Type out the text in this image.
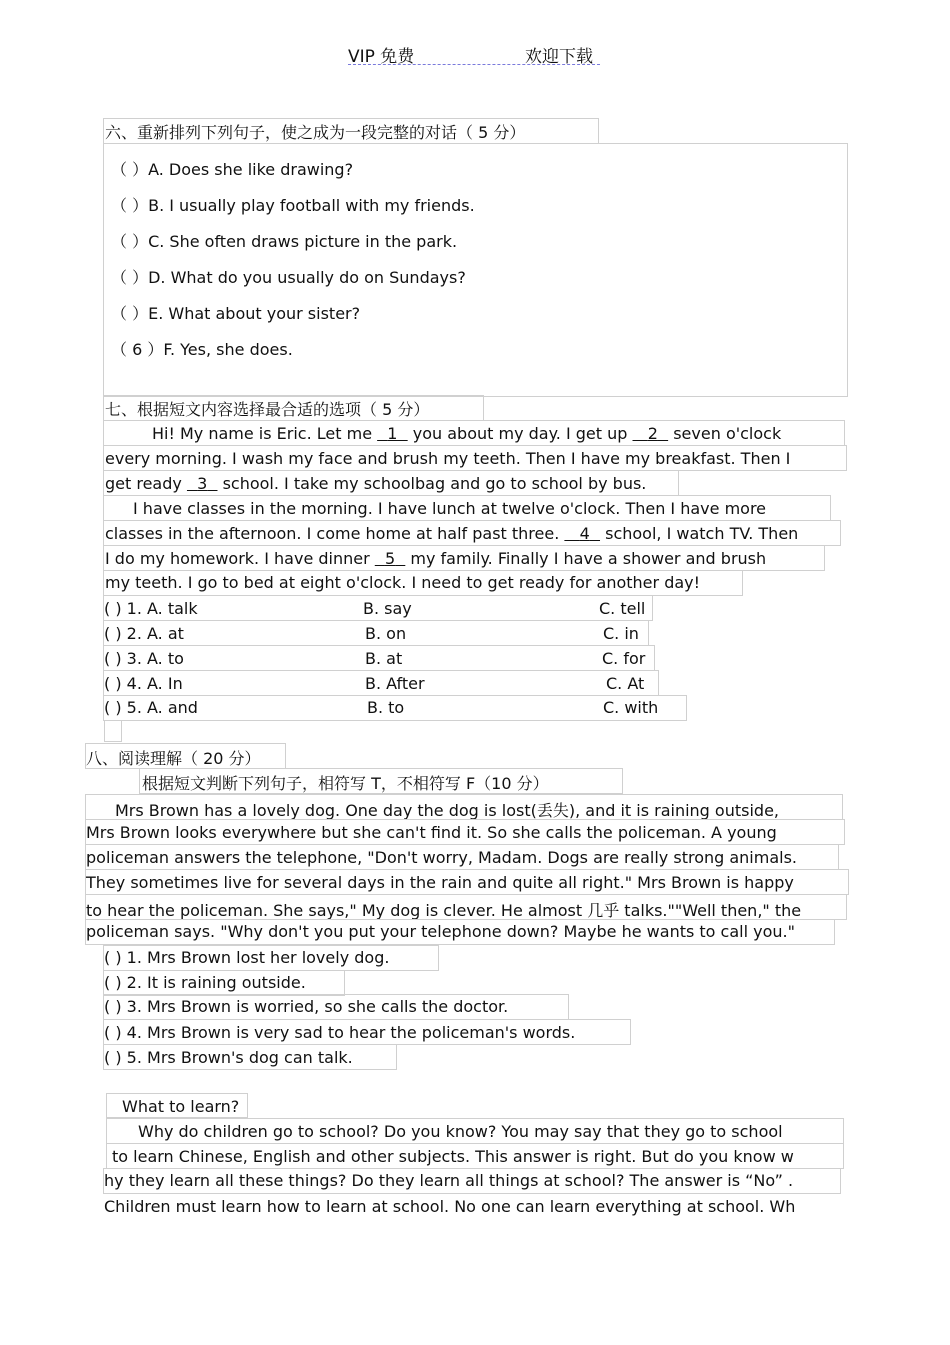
VIP 免费	欢迎下载
六、重新排列下列句子，使之成为一段完整的对话（ 5 分）
（ ）A. Does she like drawing?
（ ）B. I usually play football with my friends.
（ ）C. She often draws picture in the park.
（ ）D. What do you usually do on Sundays?
（ ）E. What about your sister?
（ 6 ）F. Yes, she does.
七、根据短文内容选择最合适的选项（ 5 分）
Hi! My name is Eric. Let me 1 you about my day. I get up 2 seven o'clock
every morning. I wash my face and brush my teeth. Then I have my breakfast. Then I
get ready 3 school. I take my schoolbag and go to school by bus.
I have classes in the morning. I have lunch at twelve o'clock. Then I have more
classes in the afternoon. I come home at half past three. 4 school, I watch TV. Then
I do my homework. I have dinner 5 my family. Finally I have a shower and brush
my teeth. I go to bed at eight o'clock. I need to get ready for another day!
( ) 1. A. talk	B. say	C. tell
( ) 2. A. at	B. on	C. in
( ) 3. A. to	B. at	C. for
( ) 4. A. In	B. After	C. At
( ) 5. A. and	B. to	C. with
八、阅读理解（ 20 分）
根据短文判断下列句子，相符写 T，不相符写 F（10 分）
Mrs Brown has a lovely dog. One day the dog is lost(丢失), and it is raining outside,
Mrs Brown looks everywhere but she can't find it. So she calls the policeman. A young
policeman answers the telephone, "Don't worry, Madam. Dogs are really strong animals.
They sometimes live for several days in the rain and quite all right." Mrs Brown is happy
to hear the policeman. She says," My dog is clever. He almost 几乎 talks.""Well then," the
policeman says. "Why don't you put your telephone down? Maybe he wants to call you."
( ) 1. Mrs Brown lost her lovely dog.
( ) 2. It is raining outside.
( ) 3. Mrs Brown is worried, so she calls the doctor.
( ) 4. Mrs Brown is very sad to hear the policeman's words.
( ) 5. Mrs Brown's dog can talk.
What to learn?
Why do children go to school? Do you know? You may say that they go to school
to learn Chinese, English and other subjects. This answer is right. But do you know w
hy they learn all these things? Do they learn all things at school? The answer is “No” .
Children must learn how to learn at school. No one can learn everything at school. Wh
